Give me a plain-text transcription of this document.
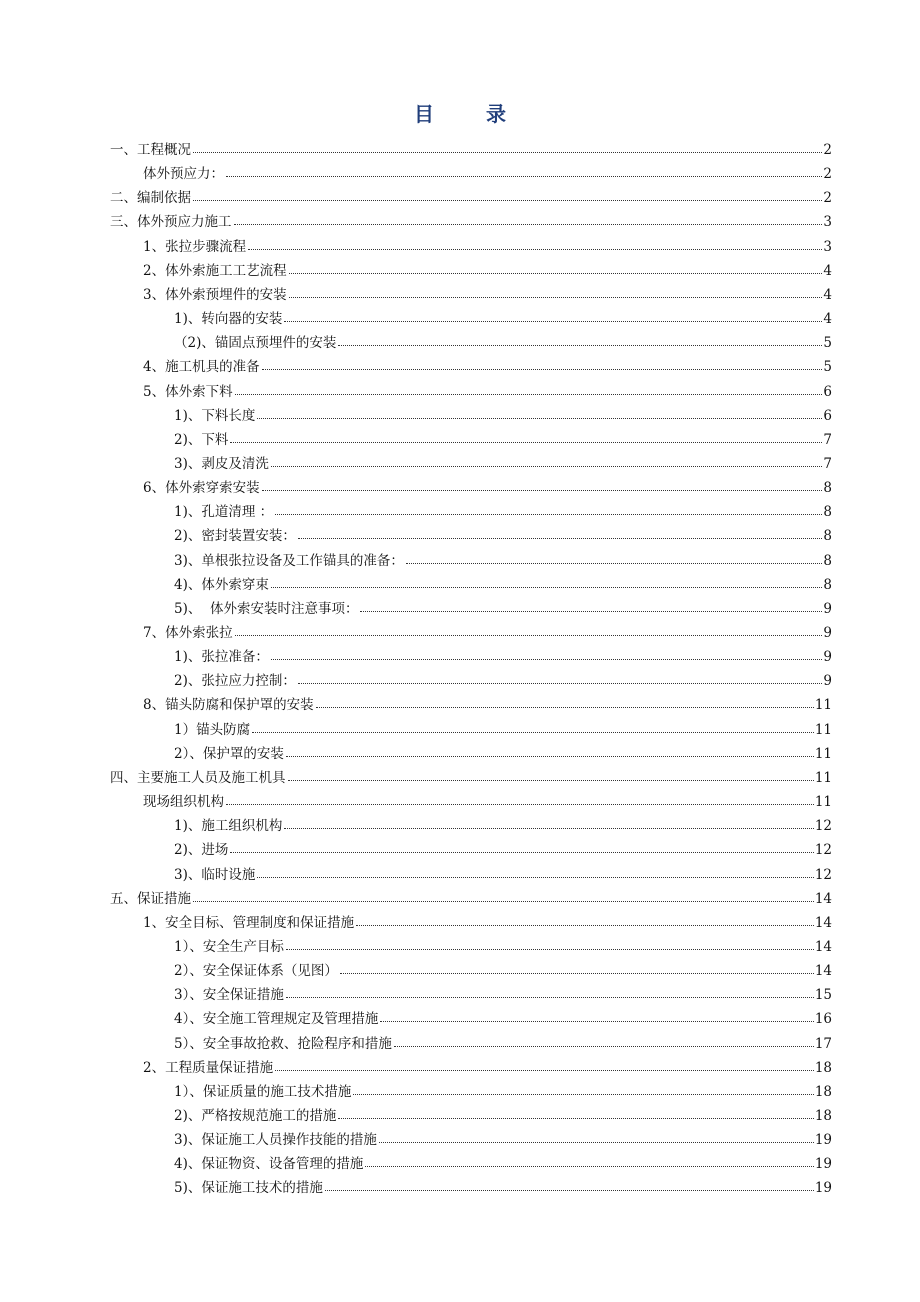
目	录
一、工程概况	2
体外预应力：	2
二、编制依据	2
三、体外预应力施工	3
1、张拉步骤流程	3
2、体外索施工工艺流程	4
3、体外索预埋件的安装	4
1)、转向器的安装	4
（2)、锚固点预埋件的安装	5
4、施工机具的准备	5
5、体外索下料	6
1)、下料长度	6
2)、下料	7
3)、剥皮及清洗	7
6、体外索穿索安装	8
1)、孔道清理 ：	8
2)、密封装置安装：	8
3)、单根张拉设备及工作锚具的准备：	8
4)、体外索穿束	8
5)、  体外索安装时注意事项：	9
7、体外索张拉	9
1)、张拉准备：	9
2)、张拉应力控制：	9
8、锚头防腐和保护罩的安装	11
1）锚头防腐	11
2）、保护罩的安装	11
四、主要施工人员及施工机具	11
现场组织机构	11
1)、施工组织机构	12
2)、进场	12
3)、临时设施	12
五、保证措施	14
1、安全目标、管理制度和保证措施	14
1）、安全生产目标	14
2）、安全保证体系（见图）	14
3）、安全保证措施	15
4）、安全施工管理规定及管理措施	16
5）、安全事故抢救、抢险程序和措施	17
2、工程质量保证措施	18
1）、保证质量的施工技术措施	18
2)、严格按规范施工的措施	18
3)、保证施工人员操作技能的措施	19
4)、保证物资、设备管理的措施	19
5)、保证施工技术的措施	19
